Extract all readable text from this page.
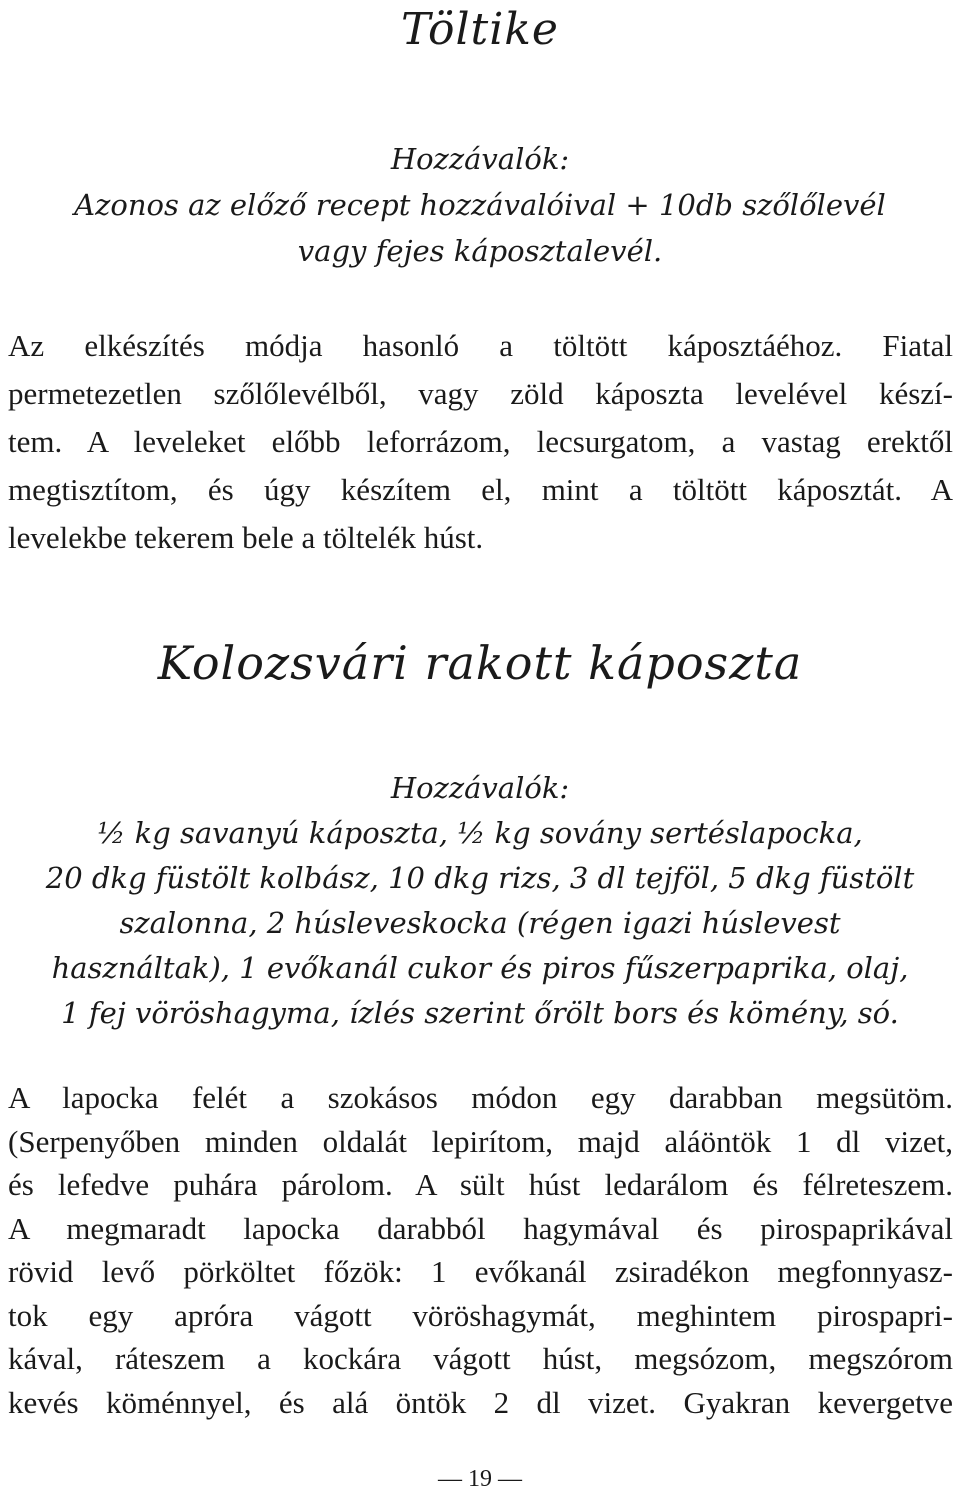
Töltike
Hozzávalók:
Azonos az előző recept hozzávalóival + 10db szőlőlevél
vagy fejes káposztalevél.
Az elkészítés módja hasonló a töltött káposztáéhoz. Fiatal
permetezetlen szőlőlevélből, vagy zöld káposzta levelével készí-
tem. A leveleket előbb leforrázom, lecsurgatom, a vastag erektől
megtisztítom, és úgy készítem el, mint a töltött káposztát. A
levelekbe tekerem bele a töltelék húst.
Kolozsvári rakott káposzta
Hozzávalók:
½ kg savanyú káposzta, ½ kg sovány sertéslapocka,
20 dkg füstölt kolbász, 10 dkg rizs, 3 dl tejföl, 5 dkg füstölt
szalonna, 2 húsleveskocka (régen igazi húslevest
használtak), 1 evőkanál cukor és piros fűszerpaprika, olaj,
1 fej vöröshagyma, ízlés szerint őrölt bors és kömény, só.
A lapocka felét a szokásos módon egy darabban megsütöm.
(Serpenyőben minden oldalát lepirítom, majd aláöntök 1 dl vizet,
és lefedve puhára párolom. A sült húst ledarálom és félreteszem.
A megmaradt lapocka darabból hagymával és pirospaprikával
rövid levő pörköltet főzök: 1 evőkanál zsiradékon megfonnyasz-
tok egy apróra vágott vöröshagymát, meghintem pirospapri-
kával, ráteszem a kockára vágott húst, megsózom, megszórom
kevés köménnyel, és alá öntök 2 dl vizet. Gyakran kevergetve
— 19 —
